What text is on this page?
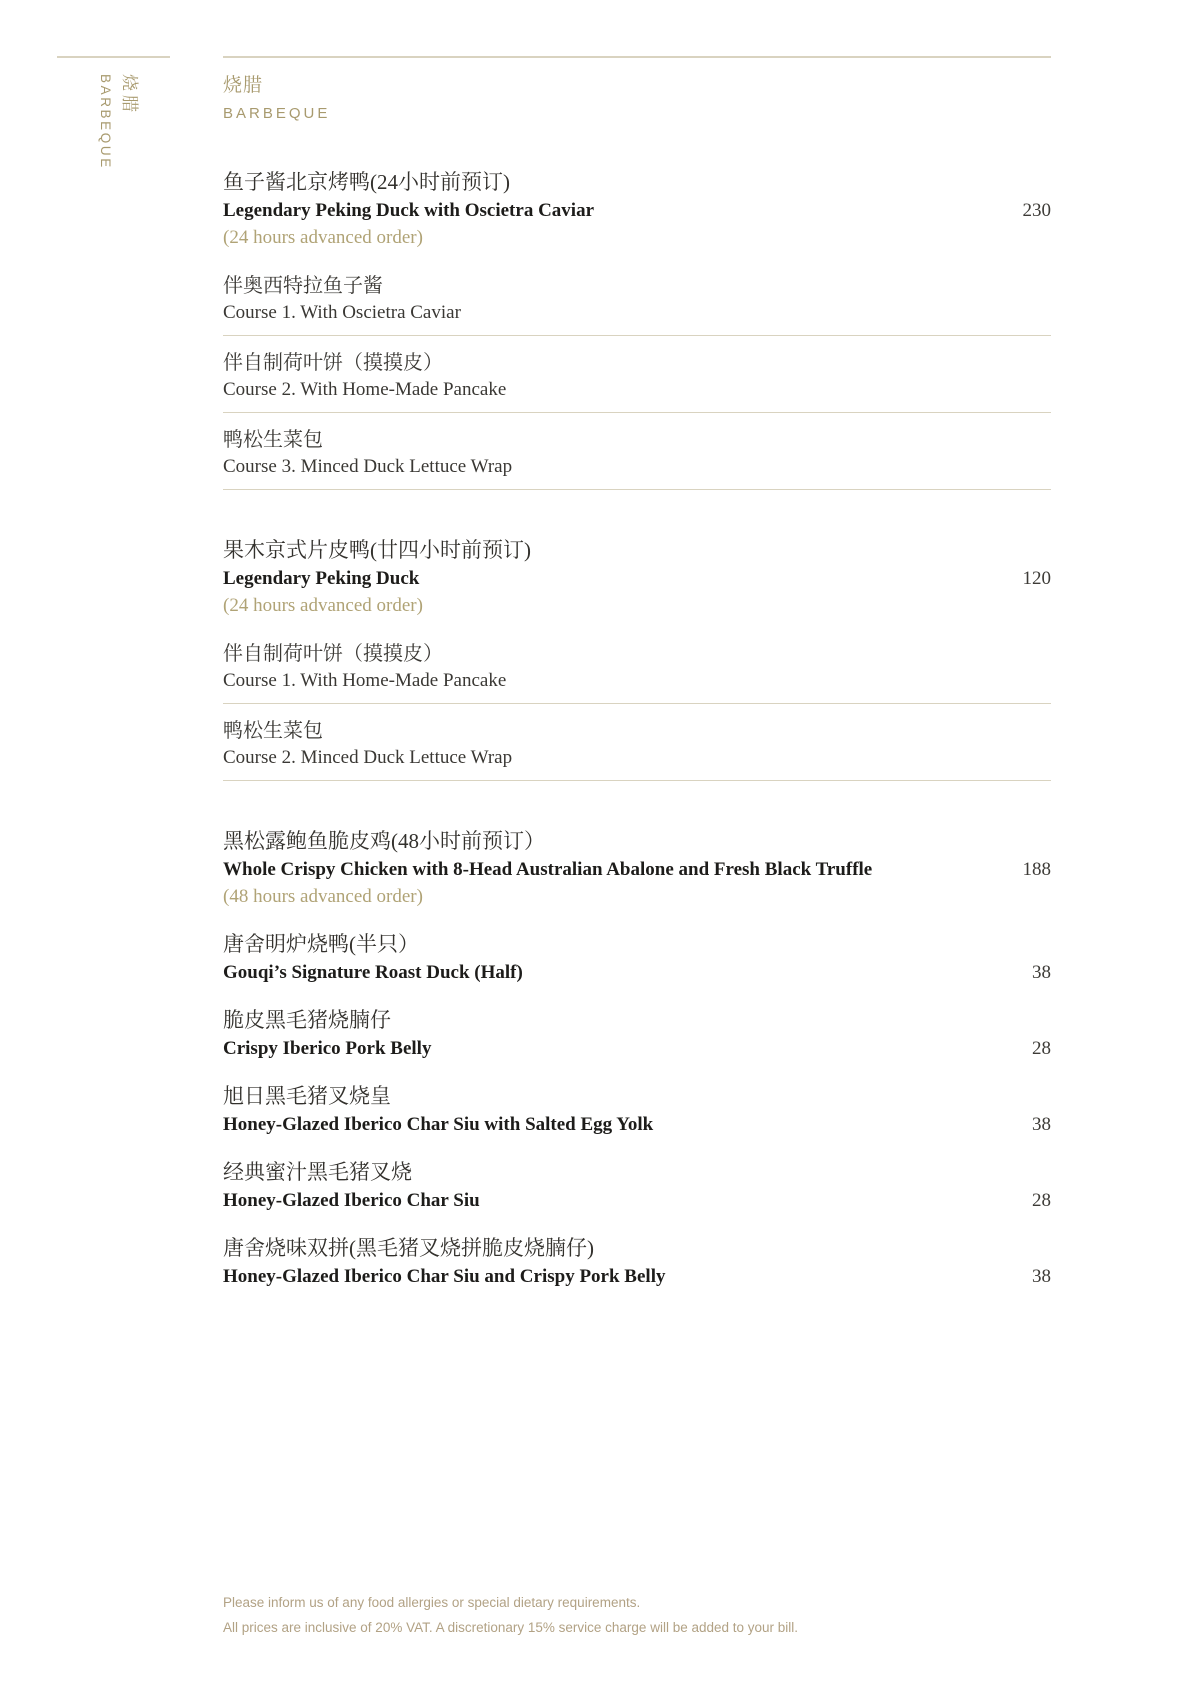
烧腊
BARBEQUE	烧腊
BARBEQUE
鱼子酱北京烤鸭(24小时前预订)
Legendary Peking Duck with Oscietra Caviar	230
(24 hours advanced order)
伴奥西特拉鱼子酱
Course 1. With Oscietra Caviar
伴自制荷叶饼（摸摸皮）
Course 2. With Home-Made Pancake
鸭松生菜包
Course 3. Minced Duck Lettuce Wrap
果木京式片皮鸭(廿四小时前预订)
Legendary Peking Duck	120
(24 hours advanced order)
伴自制荷叶饼（摸摸皮）
Course 1. With Home-Made Pancake
鸭松生菜包
Course 2. Minced Duck Lettuce Wrap
黑松露鲍鱼脆皮鸡(48小时前预订）
Whole Crispy Chicken with 8-Head Australian Abalone and Fresh Black Truffle	188
(48 hours advanced order)
唐舍明炉烧鸭(半只）
Gouqi’s Signature Roast Duck (Half)	38
脆皮黑毛猪烧腩仔
Crispy Iberico Pork Belly	28
旭日黑毛猪叉烧皇
Honey-Glazed Iberico Char Siu with Salted Egg Yolk	38
经典蜜汁黑毛猪叉烧
Honey-Glazed Iberico Char Siu	28
唐舍烧味双拼(黑毛猪叉烧拼脆皮烧腩仔)
Honey-Glazed Iberico Char Siu and Crispy Pork Belly	38
Please inform us of any food allergies or special dietary requirements.
All prices are inclusive of 20% VAT. A discretionary 15% service charge will be added to your bill.
